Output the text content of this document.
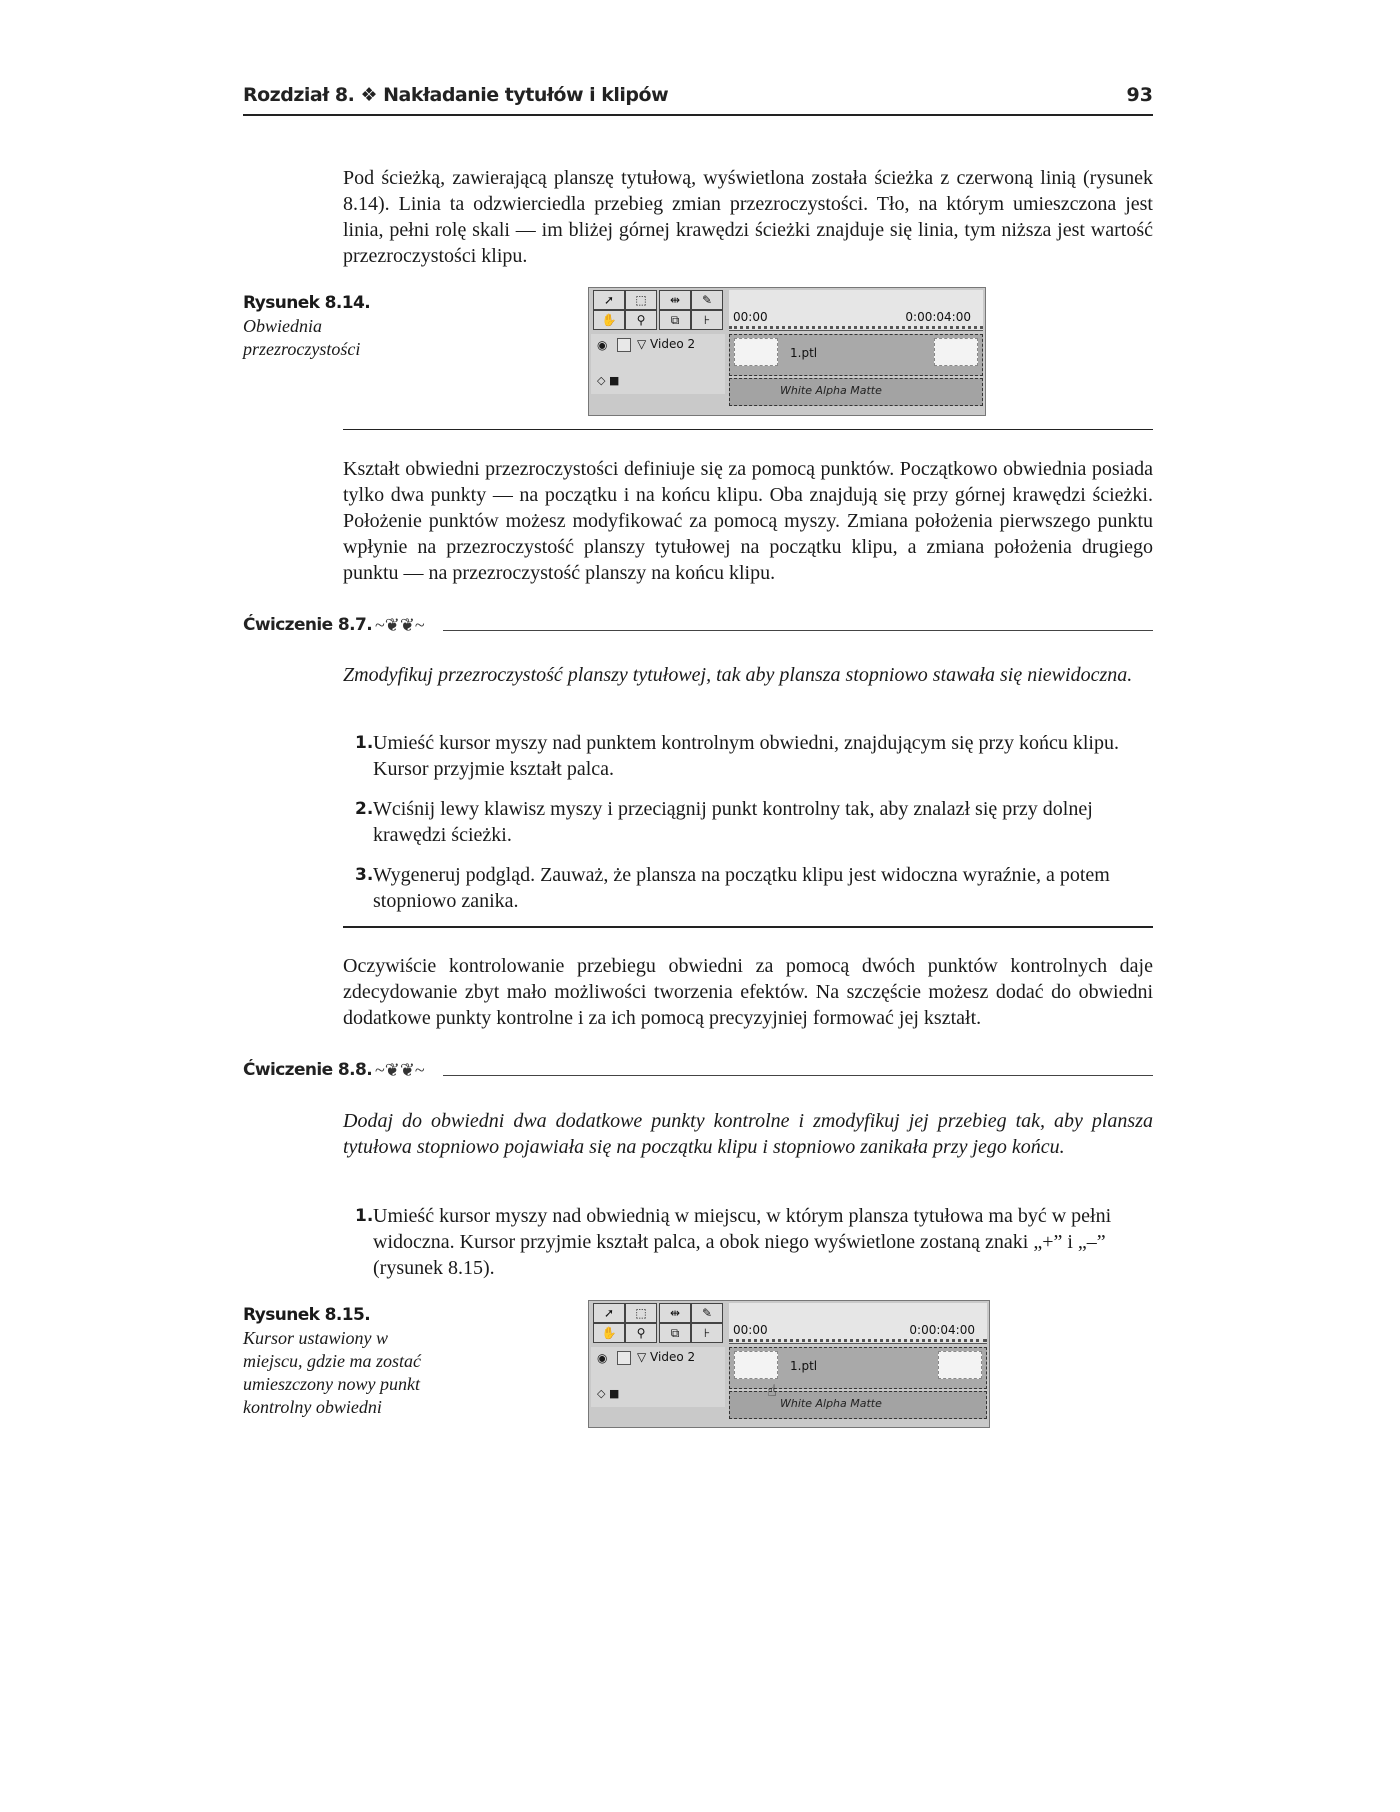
Rozdział 8. ❖ Nakładanie tytułów i klipów	93

Pod ścieżką, zawierającą planszę tytułową, wyświetlona została ścieżka z czerwoną linią (rysunek 8.14). Linia ta odzwierciedla przebieg zmian przezroczystości. Tło, na którym umieszczona jest linia, pełni rolę skali — im bliżej górnej krawędzi ścieżki znajduje się linia, tym niższa jest wartość przezroczystości klipu.

Rysunek 8.14.
Obwiednia przezroczystości
➚	⬚	⇹	✎
✋	⚲	⧉	⊦	00:00	0:00:04:00
◉ ▽ Video 2
◇ ■
1.ptl
White Alpha Matte

Kształt obwiedni przezroczystości definiuje się za pomocą punktów. Początkowo obwiednia posiada tylko dwa punkty — na początku i na końcu klipu. Oba znajdują się przy górnej krawędzi ścieżki. Położenie punktów możesz modyfikować za pomocą myszy. Zmiana położenia pierwszego punktu wpłynie na przezroczystość planszy tytułowej na początku klipu, a zmiana położenia drugiego punktu — na przezroczystość planszy na końcu klipu.

Ćwiczenie 8.7. ~❦❦~

Zmodyfikuj przezroczystość planszy tytułowej, tak aby plansza stopniowo stawała się niewidoczna.

1. Umieść kursor myszy nad punktem kontrolnym obwiedni, znajdującym się przy końcu klipu. Kursor przyjmie kształt palca.
2. Wciśnij lewy klawisz myszy i przeciągnij punkt kontrolny tak, aby znalazł się przy dolnej krawędzi ścieżki.
3. Wygeneruj podgląd. Zauważ, że plansza na początku klipu jest widoczna wyraźnie, a potem stopniowo zanika.

Oczywiście kontrolowanie przebiegu obwiedni za pomocą dwóch punktów kontrolnych daje zdecydowanie zbyt mało możliwości tworzenia efektów. Na szczęście możesz dodać do obwiedni dodatkowe punkty kontrolne i za ich pomocą precyzyjniej formować jej kształt.

Ćwiczenie 8.8. ~❦❦~

Dodaj do obwiedni dwa dodatkowe punkty kontrolne i zmodyfikuj jej przebieg tak, aby plansza tytułowa stopniowo pojawiała się na początku klipu i stopniowo zanikała przy jego końcu.

1. Umieść kursor myszy nad obwiednią w miejscu, w którym plansza tytułowa ma być w pełni widoczna. Kursor przyjmie kształt palca, a obok niego wyświetlone zostaną znaki „+” i „–” (rysunek 8.15).
Rysunek 8.15.
Kursor ustawiony w miejscu, gdzie ma zostać umieszczony nowy punkt kontrolny obwiedni
➚	⬚	⇹	✎
✋	⚲	⧉	⊦	00:00	0:00:04:00
◉ ▽ Video 2
◇ ■
1.ptl
White Alpha Matte
☝
